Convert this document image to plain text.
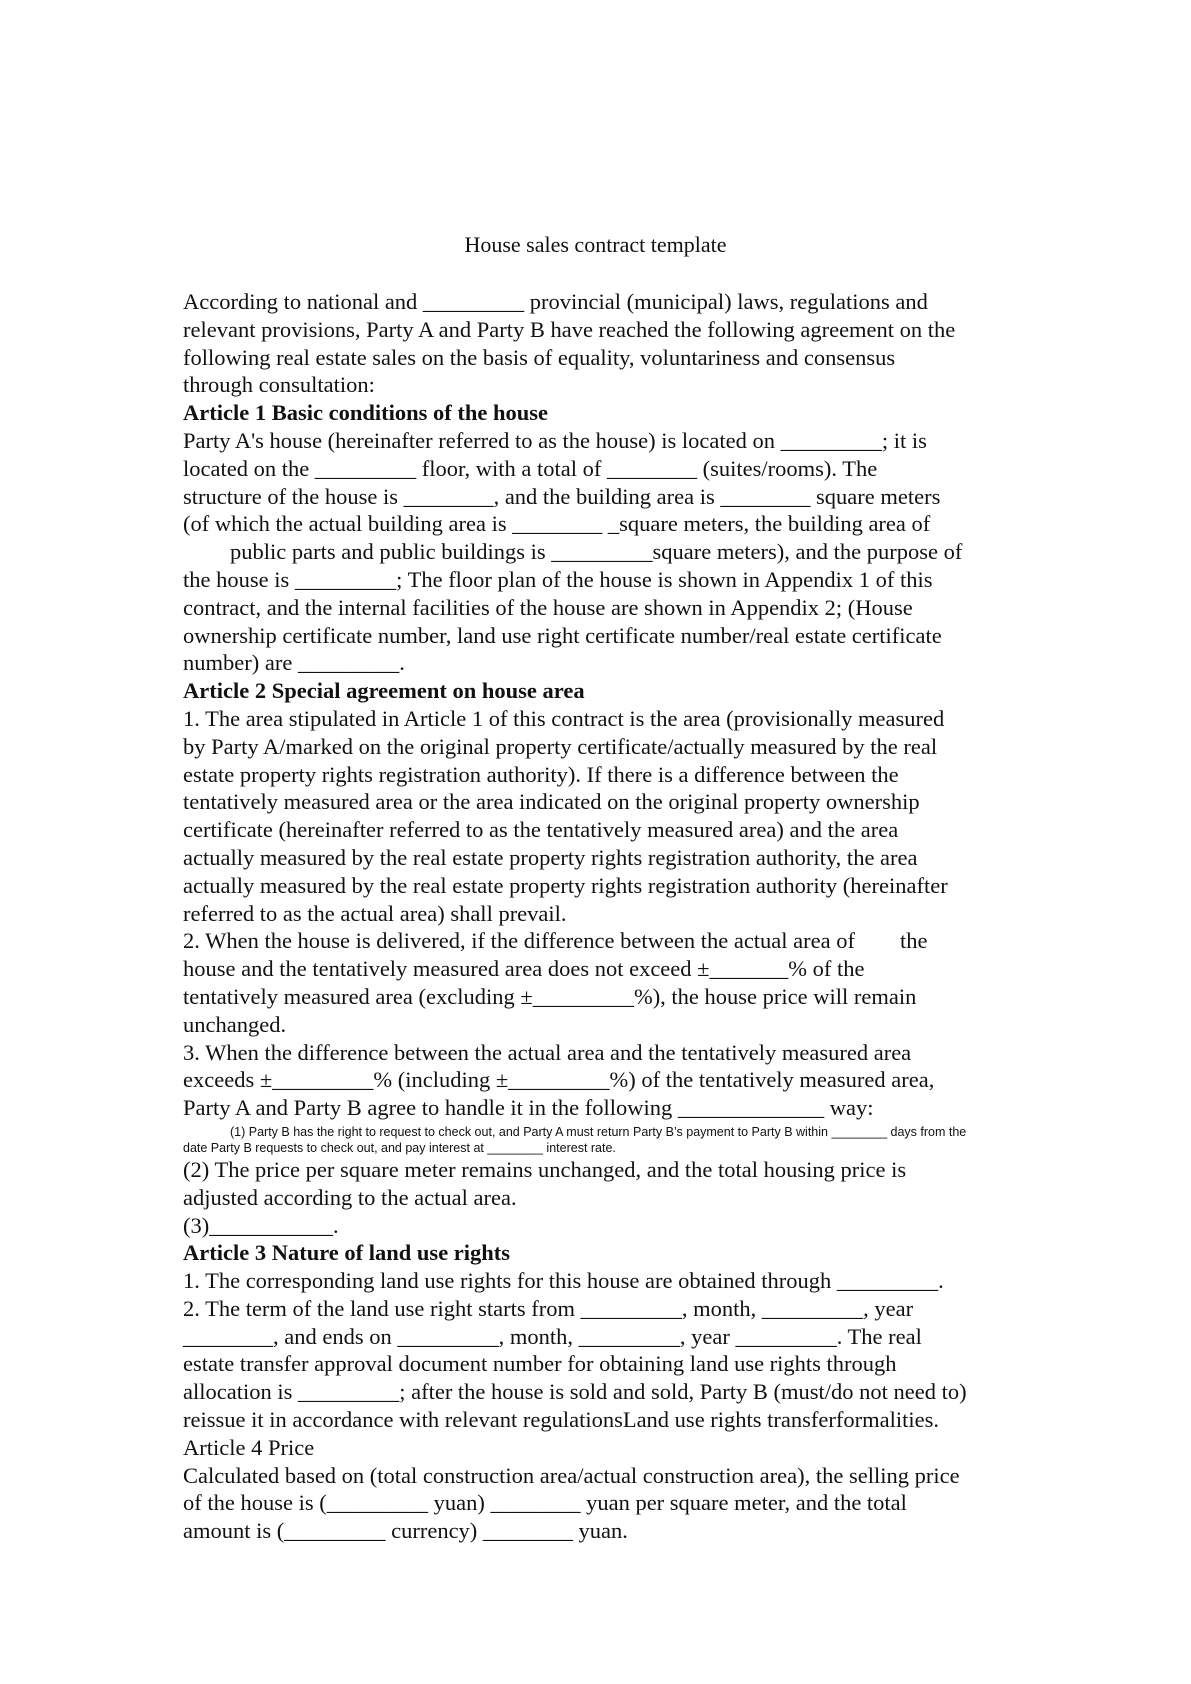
House sales contract template
According to national and _________ provincial (municipal) laws, regulations and
relevant provisions, Party A and Party B have reached the following agreement on the
following real estate sales on the basis of equality, voluntariness and consensus
through consultation:
Article 1 Basic conditions of the house
Party A's house (hereinafter referred to as the house) is located on _________; it is
located on the _________ floor, with a total of ________ (suites/rooms). The
structure of the house is ________, and the building area is ________ square meters
(of which the actual building area is ________ _square meters, the building area of
public parts and public buildings is _________square meters), and the purpose of
the house is _________; The floor plan of the house is shown in Appendix 1 of this
contract, and the internal facilities of the house are shown in Appendix 2; (House
ownership certificate number, land use right certificate number/real estate certificate
number) are _________.
Article 2 Special agreement on house area
1. The area stipulated in Article 1 of this contract is the area (provisionally measured
by Party A/marked on the original property certificate/actually measured by the real
estate property rights registration authority). If there is a difference between the
tentatively measured area or the area indicated on the original property ownership
certificate (hereinafter referred to as the tentatively measured area) and the area
actually measured by the real estate property rights registration authority, the area
actually measured by the real estate property rights registration authority (hereinafter
referred to as the actual area) shall prevail.
2. When the house is delivered, if the difference between the actual area of        the
house and the tentatively measured area does not exceed ±_______% of the
tentatively measured area (excluding ±_________%), the house price will remain
unchanged.
3. When the difference between the actual area and the tentatively measured area
exceeds ±_________% (including ±_________%) of the tentatively measured area,
Party A and Party B agree to handle it in the following _____________ way:
(1) Party B has the right to request to check out, and Party A must return Party B’s payment to Party B within ________ days from the
date Party B requests to check out, and pay interest at ________ interest rate.
(2) The price per square meter remains unchanged, and the total housing price is
adjusted according to the actual area.
(3)___________.
Article 3 Nature of land use rights
1. The corresponding land use rights for this house are obtained through _________.
2. The term of the land use right starts from _________, month, _________, year
________, and ends on _________, month, _________, year _________. The real
estate transfer approval document number for obtaining land use rights through
allocation is _________; after the house is sold and sold, Party B (must/do not need to)
reissue it in accordance with relevant regulationsLand use rights transferformalities.
Article 4 Price
Calculated based on (total construction area/actual construction area), the selling price
of the house is (_________ yuan) ________ yuan per square meter, and the total
amount is (_________ currency) ________ yuan.
